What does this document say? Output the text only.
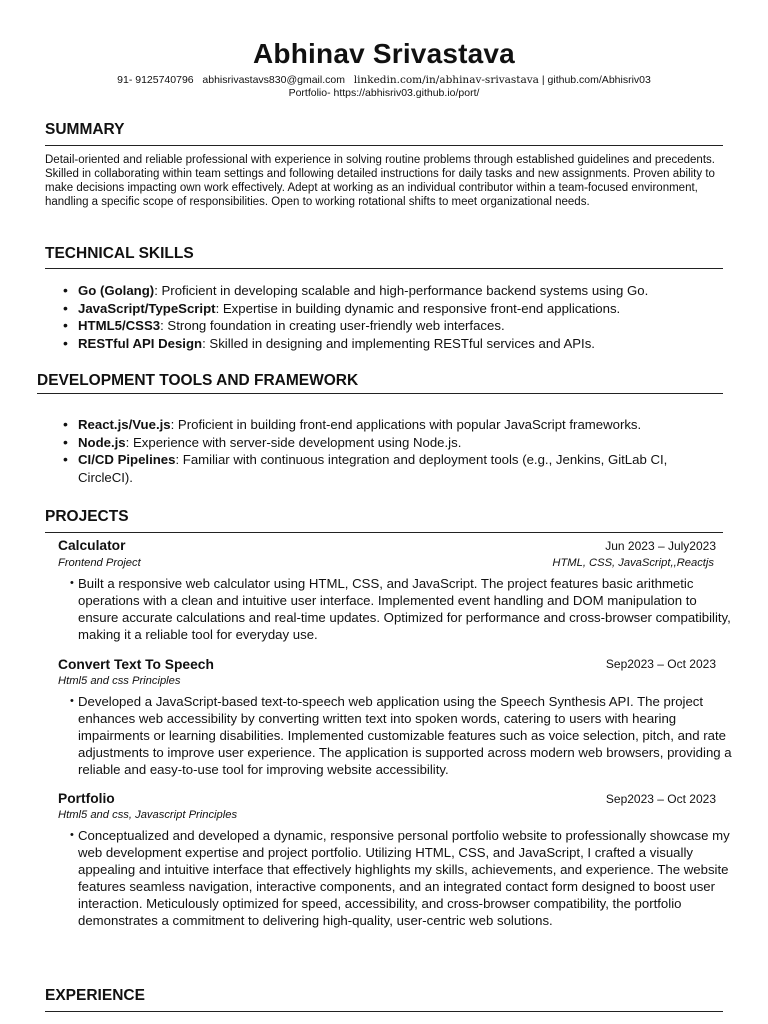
Abhinav Srivastava
91- 9125740796 abhisrivastavs830@gmail.com linkedin.com/in/abhinav-srivastava | github.com/Abhisriv03
Portfolio- https://abhisriv03.github.io/port/
SUMMARY
Detail-oriented and reliable professional with experience in solving routine problems through established guidelines and precedents. Skilled in collaborating within team settings and following detailed instructions for daily tasks and new assignments. Proven ability to make decisions impacting own work effectively. Adept at working as an individual contributor within a team-focused environment, handling a specific scope of responsibilities. Open to working rotational shifts to meet organizational needs.
TECHNICAL SKILLS
• Go (Golang): Proficient in developing scalable and high-performance backend systems using Go.
• JavaScript/TypeScript: Expertise in building dynamic and responsive front-end applications.
• HTML5/CSS3: Strong foundation in creating user-friendly web interfaces.
• RESTful API Design: Skilled in designing and implementing RESTful services and APIs.
DEVELOPMENT TOOLS AND FRAMEWORK
• React.js/Vue.js: Proficient in building front-end applications with popular JavaScript frameworks.
• Node.js: Experience with server-side development using Node.js.
• CI/CD Pipelines: Familiar with continuous integration and deployment tools (e.g., Jenkins, GitLab CI, CircleCI).
PROJECTS
Calculator	Jun 2023 – July2023
Frontend Project	HTML, CSS, JavaScript,,Reactjs
• Built a responsive web calculator using HTML, CSS, and JavaScript. The project features basic arithmetic operations with a clean and intuitive user interface. Implemented event handling and DOM manipulation to ensure accurate calculations and real-time updates. Optimized for performance and cross-browser compatibility, making it a reliable tool for everyday use.
Convert Text To Speech	Sep2023 – Oct 2023
Html5 and css Principles
• Developed a JavaScript-based text-to-speech web application using the Speech Synthesis API. The project enhances web accessibility by converting written text into spoken words, catering to users with hearing impairments or learning disabilities. Implemented customizable features such as voice selection, pitch, and rate adjustments to improve user experience. The application is supported across modern web browsers, providing a reliable and easy-to-use tool for improving website accessibility.
Portfolio	Sep2023 – Oct 2023
Html5 and css, Javascript Principles
• Conceptualized and developed a dynamic, responsive personal portfolio website to professionally showcase my web development expertise and project portfolio. Utilizing HTML, CSS, and JavaScript, I crafted a visually appealing and intuitive interface that effectively highlights my skills, achievements, and experience. The website features seamless navigation, interactive components, and an integrated contact form designed to boost user interaction. Meticulously optimized for speed, accessibility, and cross-browser compatibility, the portfolio demonstrates a commitment to delivering high-quality, user-centric web solutions.
EXPERIENCE
